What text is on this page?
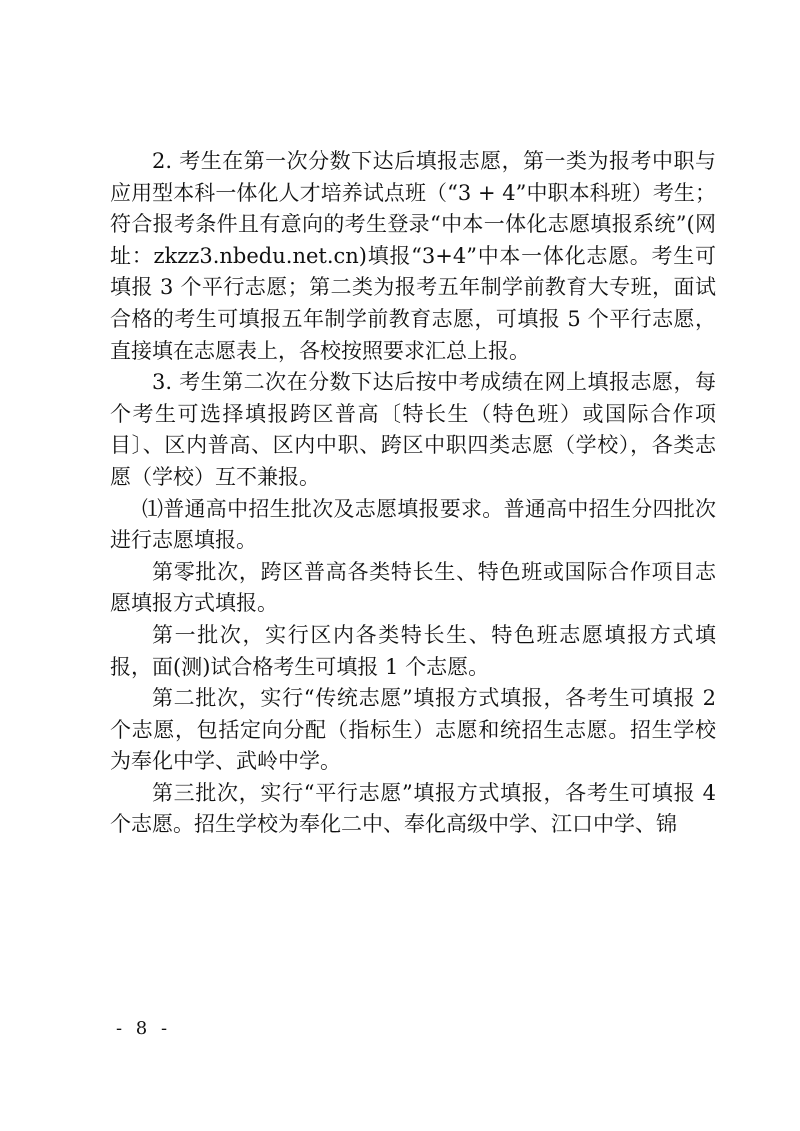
2. 考生在第一次分数下达后填报志愿，第一类为报考中职与应用型本科一体化人才培养试点班（“3 + 4”中职本科班）考生；符合报考条件且有意向的考生登录“中本一体化志愿填报系统”(网址：zkzz3.nbedu.net.cn)填报“3+4”中本一体化志愿。考生可填报 3 个平行志愿；第二类为报考五年制学前教育大专班，面试合格的考生可填报五年制学前教育志愿，可填报 5 个平行志愿，直接填在志愿表上，各校按照要求汇总上报。

3. 考生第二次在分数下达后按中考成绩在网上填报志愿，每个考生可选择填报跨区普高〔特长生（特色班）或国际合作项目〕、区内普高、区内中职、跨区中职四类志愿（学校），各类志愿（学校）互不兼报。

⑴普通高中招生批次及志愿填报要求。普通高中招生分四批次进行志愿填报。

第零批次，跨区普高各类特长生、特色班或国际合作项目志愿填报方式填报。

第一批次，实行区内各类特长生、特色班志愿填报方式填报，面(测)试合格考生可填报 1 个志愿。

第二批次，实行“传统志愿”填报方式填报，各考生可填报 2 个志愿，包括定向分配（指标生）志愿和统招生志愿。招生学校为奉化中学、武岭中学。

第三批次，实行“平行志愿”填报方式填报，各考生可填报 4 个志愿。招生学校为奉化二中、奉化高级中学、江口中学、锦

- 8 -
